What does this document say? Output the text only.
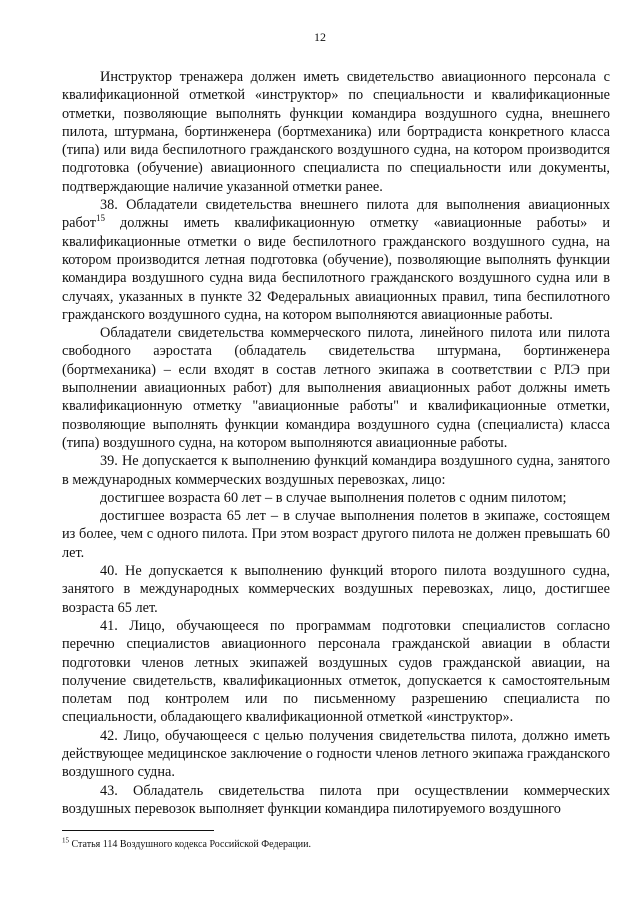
12

Инструктор тренажера должен иметь свидетельство авиационного персонала с квалификационной отметкой «инструктор» по специальности и квалификационные отметки, позволяющие выполнять функции командира воздушного судна, внешнего пилота, штурмана, бортинженера (бортмеханика) или бортрадиста конкретного класса (типа) или вида беспилотного гражданского воздушного судна, на котором производится подготовка (обучение) авиационного специалиста по специальности или документы, подтверждающие наличие указанной отметки ранее.

38. Обладатели свидетельства внешнего пилота для выполнения авиационных работ$^{15}$ должны иметь квалификационную отметку «авиационные работы» и квалификационные отметки о виде беспилотного гражданского воздушного судна, на котором производится летная подготовка (обучение), позволяющие выполнять функции командира воздушного судна вида беспилотного гражданского воздушного судна или в случаях, указанных в пункте 32 Федеральных авиационных правил, типа беспилотного гражданского воздушного судна, на котором выполняются авиационные работы.

Обладатели свидетельства коммерческого пилота, линейного пилота или пилота свободного аэростата (обладатель свидетельства штурмана, бортинженера (бортмеханика) – если входят в состав летного экипажа в соответствии с РЛЭ при выполнении авиационных работ) для выполнения авиационных работ должны иметь квалификационную отметку "авиационные работы" и квалификационные отметки, позволяющие выполнять функции командира воздушного судна (специалиста) класса (типа) воздушного судна, на котором выполняются авиационные работы.

39. Не допускается к выполнению функций командира воздушного судна, занятого в международных коммерческих воздушных перевозках, лицо:

достигшее возраста 60 лет – в случае выполнения полетов с одним пилотом;

достигшее возраста 65 лет – в случае выполнения полетов в экипаже, состоящем из более, чем с одного пилота. При этом возраст другого пилота не должен превышать 60 лет.

40. Не допускается к выполнению функций второго пилота воздушного судна, занятого в международных коммерческих воздушных перевозках, лицо, достигшее возраста 65 лет.

41. Лицо, обучающееся по программам подготовки специалистов согласно перечню специалистов авиационного персонала гражданской авиации в области подготовки членов летных экипажей воздушных судов гражданской авиации, на получение свидетельств, квалификационных отметок, допускается к самостоятельным полетам под контролем или по письменному разрешению специалиста по специальности, обладающего квалификационной отметкой «инструктор».

42. Лицо, обучающееся с целью получения свидетельства пилота, должно иметь действующее медицинское заключение о годности членов летного экипажа гражданского воздушного судна.

43. Обладатель свидетельства пилота при осуществлении коммерческих воздушных перевозок выполняет функции командира пилотируемого воздушного

$^{15}$ Статья 114 Воздушного кодекса Российской Федерации.
